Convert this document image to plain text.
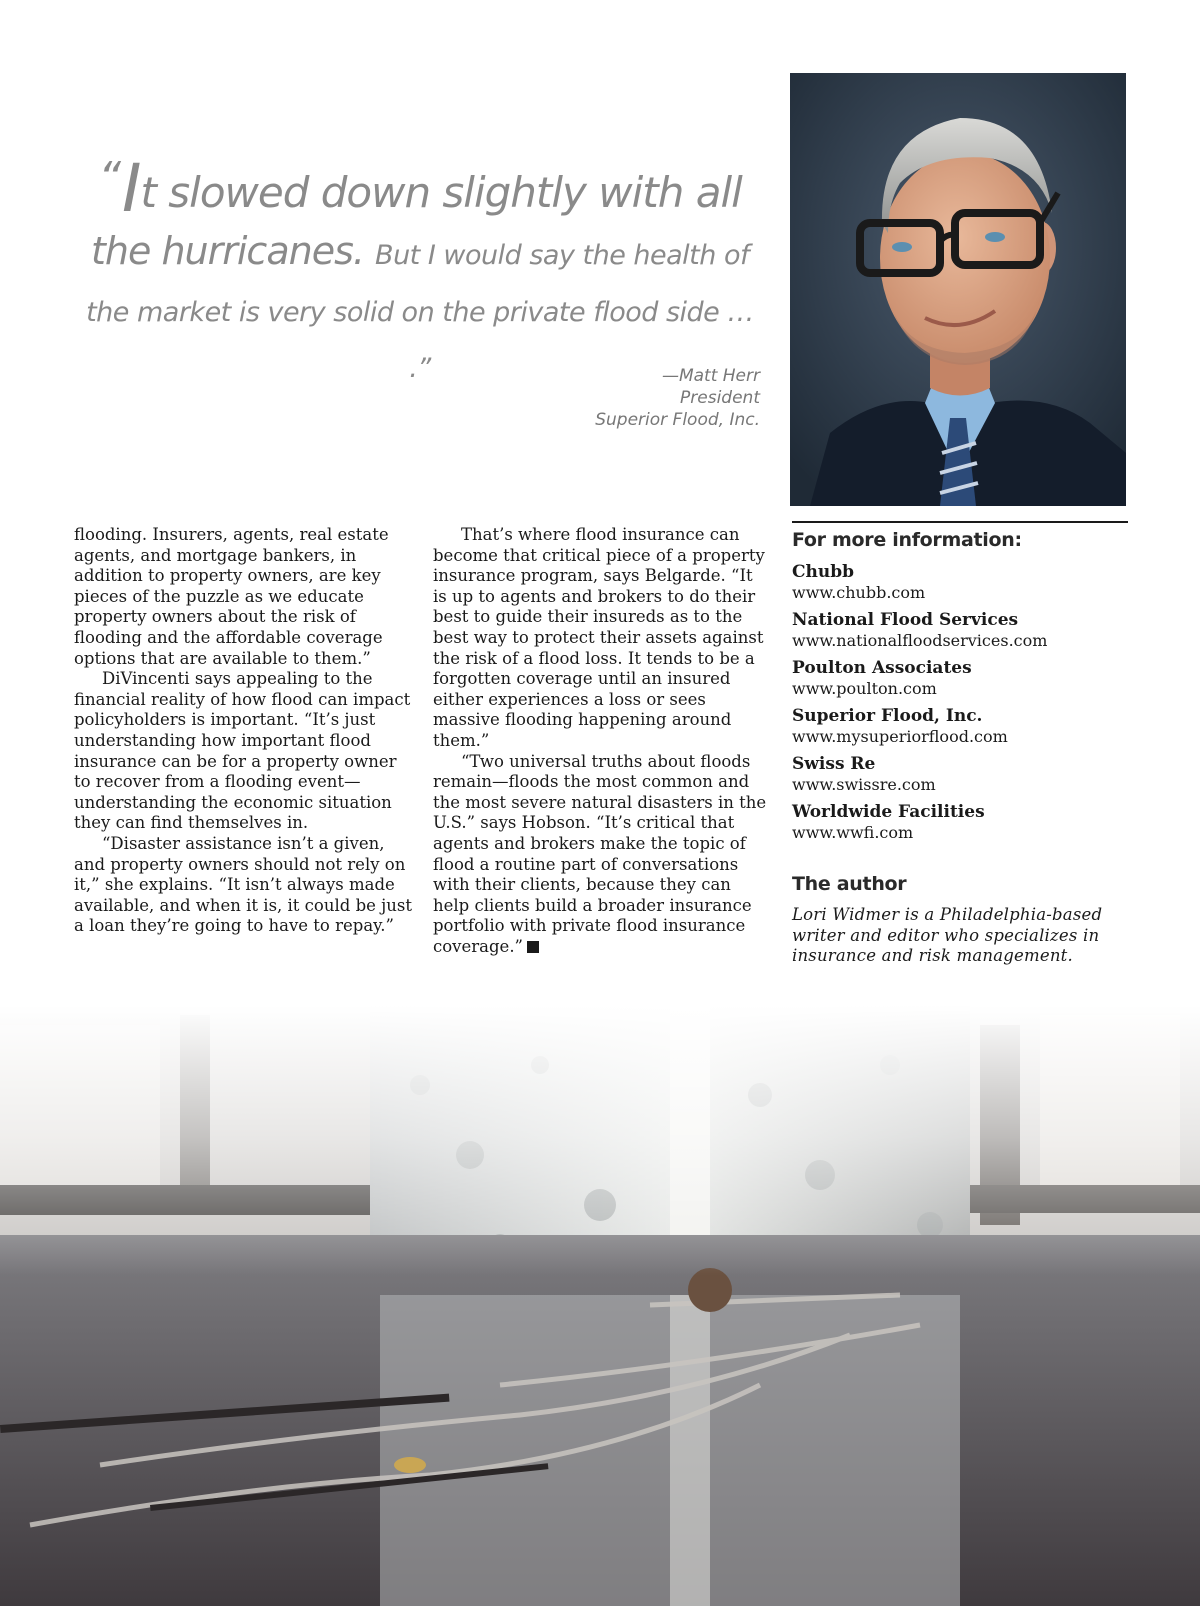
“It slowed down slightly with all
the hurricanes. But I would say the health of
the market is very solid on the private flood side … .”	—Matt Herr
President
Superior Flood, Inc.

flooding. Insurers, agents, real estate agents, and mortgage bankers, in addition to property owners, are key pieces of the puzzle as we educate property owners about the risk of flooding and the affordable coverage options that are available to them.”

DiVincenti says appealing to the financial reality of how flood can impact policyholders is important. “It’s just understanding how important flood insurance can be for a property owner to recover from a flooding event—understanding the economic situation they can find themselves in.

“Disaster assistance isn’t a given, and property owners should not rely on it,” she explains. “It isn’t always made available, and when it is, it could be just a loan they’re going to have to repay.”

That’s where flood insurance can become that critical piece of a property insurance program, says Belgarde. “It is up to agents and brokers to do their best to guide their insureds as to the best way to protect their assets against the risk of a flood loss. It tends to be a forgotten coverage until an insured either experiences a loss or sees massive flooding happening around them.”

“Two universal truths about floods remain—floods the most common and the most severe natural disasters in the U.S.” says Hobson. “It’s critical that agents and brokers make the topic of flood a routine part of conversations with their clients, because they can help clients build a broader insurance portfolio with private flood insurance coverage.”

For more information:
Chubb
www.chubb.com
National Flood Services
www.nationalfloodservices.com
Poulton Associates
www.poulton.com
Superior Flood, Inc.
www.mysuperiorflood.com
Swiss Re
www.swissre.com
Worldwide Facilities
www.wwfi.com
The author
Lori Widmer is a Philadelphia-based writer and editor who specializes in insurance and risk management.
